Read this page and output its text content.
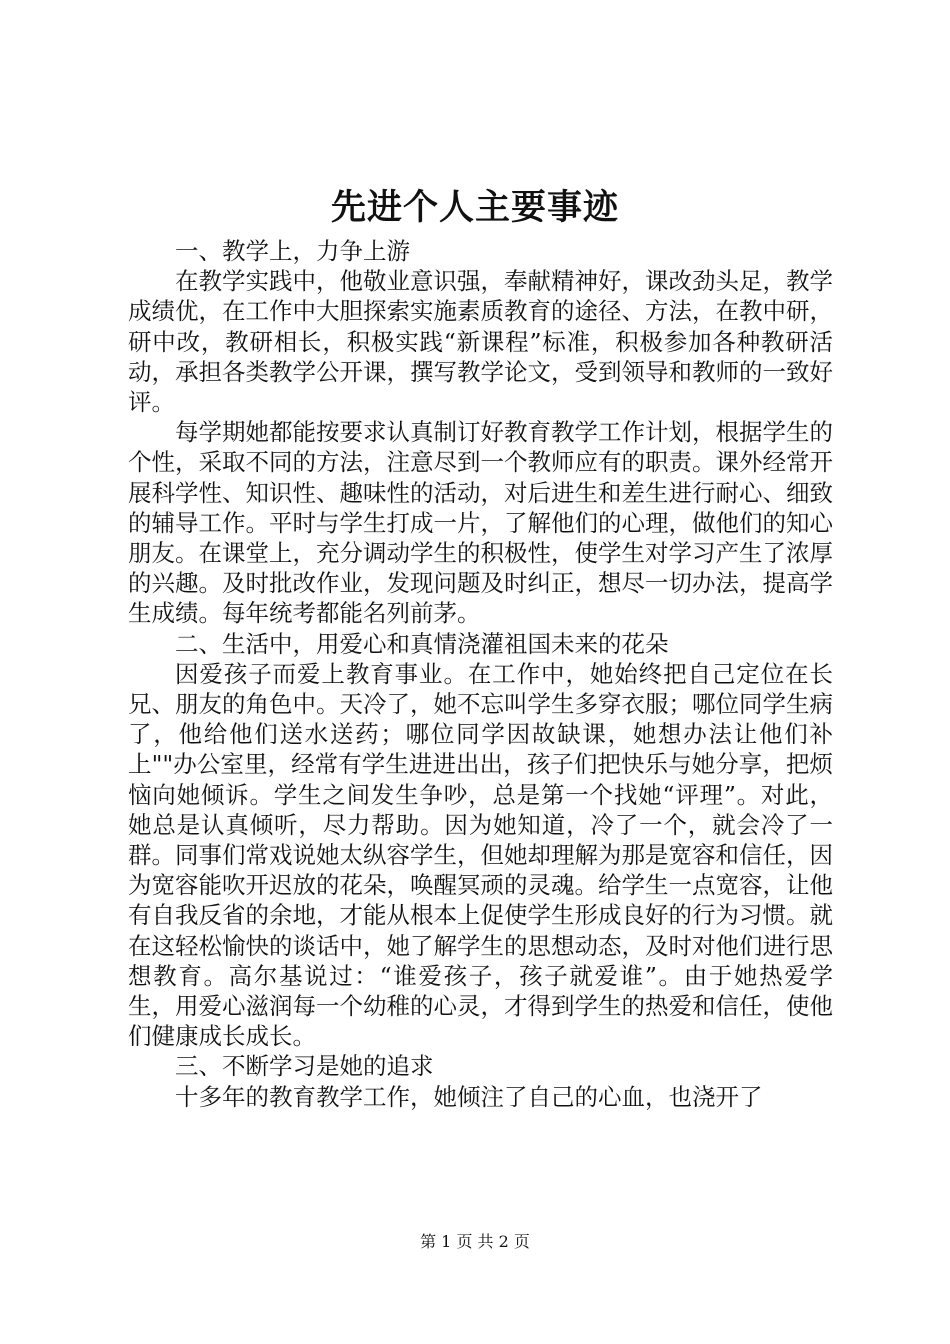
先进个人主要事迹

一、教学上，力争上游

在教学实践中，他敬业意识强，奉献精神好，课改劲头足，教学成绩优，在工作中大胆探索实施素质教育的途径、方法，在教中研，研中改，教研相长，积极实践“新课程”标准，积极参加各种教研活动，承担各类教学公开课，撰写教学论文，受到领导和教师的一致好评。

每学期她都能按要求认真制订好教育教学工作计划，根据学生的个性，采取不同的方法，注意尽到一个教师应有的职责。课外经常开展科学性、知识性、趣味性的活动，对后进生和差生进行耐心、细致的辅导工作。平时与学生打成一片，了解他们的心理，做他们的知心朋友。在课堂上，充分调动学生的积极性，使学生对学习产生了浓厚的兴趣。及时批改作业，发现问题及时纠正，想尽一切办法，提高学生成绩。每年统考都能名列前茅。

二、生活中，用爱心和真情浇灌祖国未来的花朵

因爱孩子而爱上教育事业。在工作中，她始终把自己定位在长兄、朋友的角色中。天冷了，她不忘叫学生多穿衣服；哪位同学生病了，他给他们送水送药；哪位同学因故缺课，她想办法让他们补上""办公室里，经常有学生进进出出，孩子们把快乐与她分享，把烦恼向她倾诉。学生之间发生争吵，总是第一个找她“评理”。对此，她总是认真倾听，尽力帮助。因为她知道，冷了一个，就会冷了一群。同事们常戏说她太纵容学生，但她却理解为那是宽容和信任，因为宽容能吹开迟放的花朵，唤醒冥顽的灵魂。给学生一点宽容，让他有自我反省的余地，才能从根本上促使学生形成良好的行为习惯。就在这轻松愉快的谈话中，她了解学生的思想动态，及时对他们进行思想教育。高尔基说过：“谁爱孩子，孩子就爱谁”。由于她热爱学生，用爱心滋润每一个幼稚的心灵，才得到学生的热爱和信任，使他们健康成长成长。

三、不断学习是她的追求

十多年的教育教学工作，她倾注了自己的心血，也浇开了

第 1 页 共 2 页
